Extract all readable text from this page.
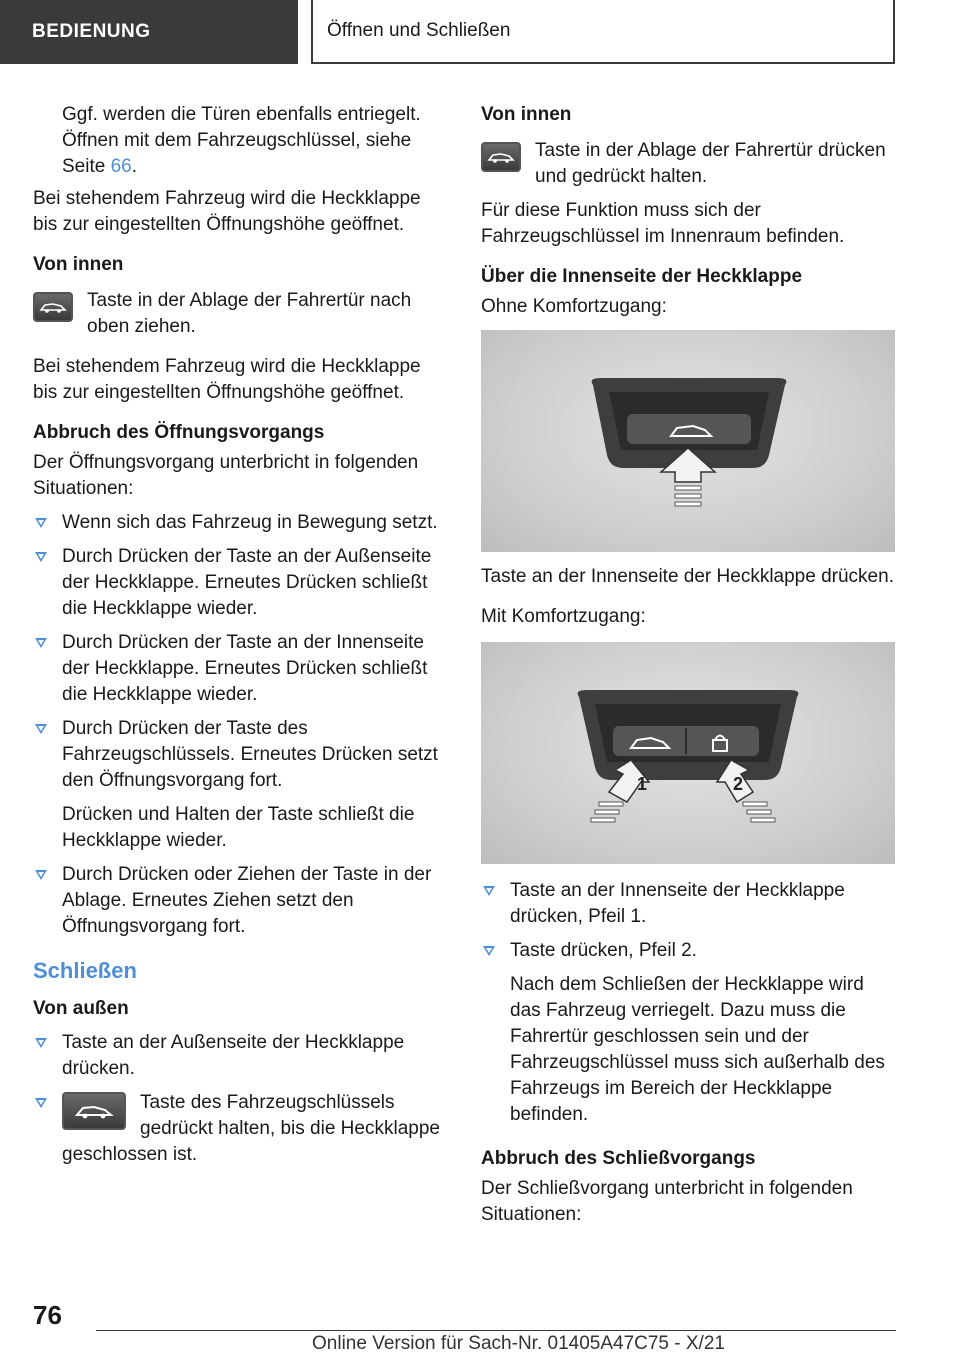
BEDIENUNG	Öffnen und Schließen

Ggf. werden die Türen ebenfalls entriegelt.

Öffnen mit dem Fahrzeugschlüssel, siehe

Seite 66.

Bei stehendem Fahrzeug wird die Heckklappe bis zur eingestellten Öffnungshöhe geöffnet.

Von innen

Taste in der Ablage der Fahrertür nach oben ziehen.

Bei stehendem Fahrzeug wird die Heckklappe bis zur eingestellten Öffnungshöhe geöffnet.

Abbruch des Öffnungsvorgangs

Der Öffnungsvorgang unterbricht in folgenden Situationen:

Wenn sich das Fahrzeug in Bewegung setzt.
Durch Drücken der Taste an der Außenseite der Heckklappe. Erneutes Drücken schließt die Heckklappe wieder.
Durch Drücken der Taste an der Innenseite der Heckklappe. Erneutes Drücken schließt die Heckklappe wieder.
Durch Drücken der Taste des Fahrzeugschlüssels. Erneutes Drücken setzt den Öffnungsvorgang fort.

Drücken und Halten der Taste schließt die Heckklappe wieder.

Durch Drücken oder Ziehen der Taste in der Ablage. Erneutes Ziehen setzt den Öffnungsvorgang fort.

Schließen

Von außen

Taste an der Außenseite der Heckklappe drücken.
Taste des Fahrzeugschlüssels gedrückt halten, bis die Heckklappe geschlossen ist.

Von innen

Taste in der Ablage der Fahrertür drücken und gedrückt halten.

Für diese Funktion muss sich der Fahrzeugschlüssel im Innenraum befinden.

Über die Innenseite der Heckklappe

Ohne Komfortzugang:

Taste an der Innenseite der Heckklappe drücken.

Mit Komfortzugang:

1	2
Taste an der Innenseite der Heckklappe drücken, Pfeil 1.
Taste drücken, Pfeil 2.

Nach dem Schließen der Heckklappe wird das Fahrzeug verriegelt. Dazu muss die Fahrertür geschlossen sein und der Fahrzeugschlüssel muss sich außerhalb des Fahrzeugs im Bereich der Heckklappe befinden.

Abbruch des Schließvorgangs

Der Schließvorgang unterbricht in folgenden Situationen:

76
Online Version für Sach-Nr. 01405A47C75 - X/21
